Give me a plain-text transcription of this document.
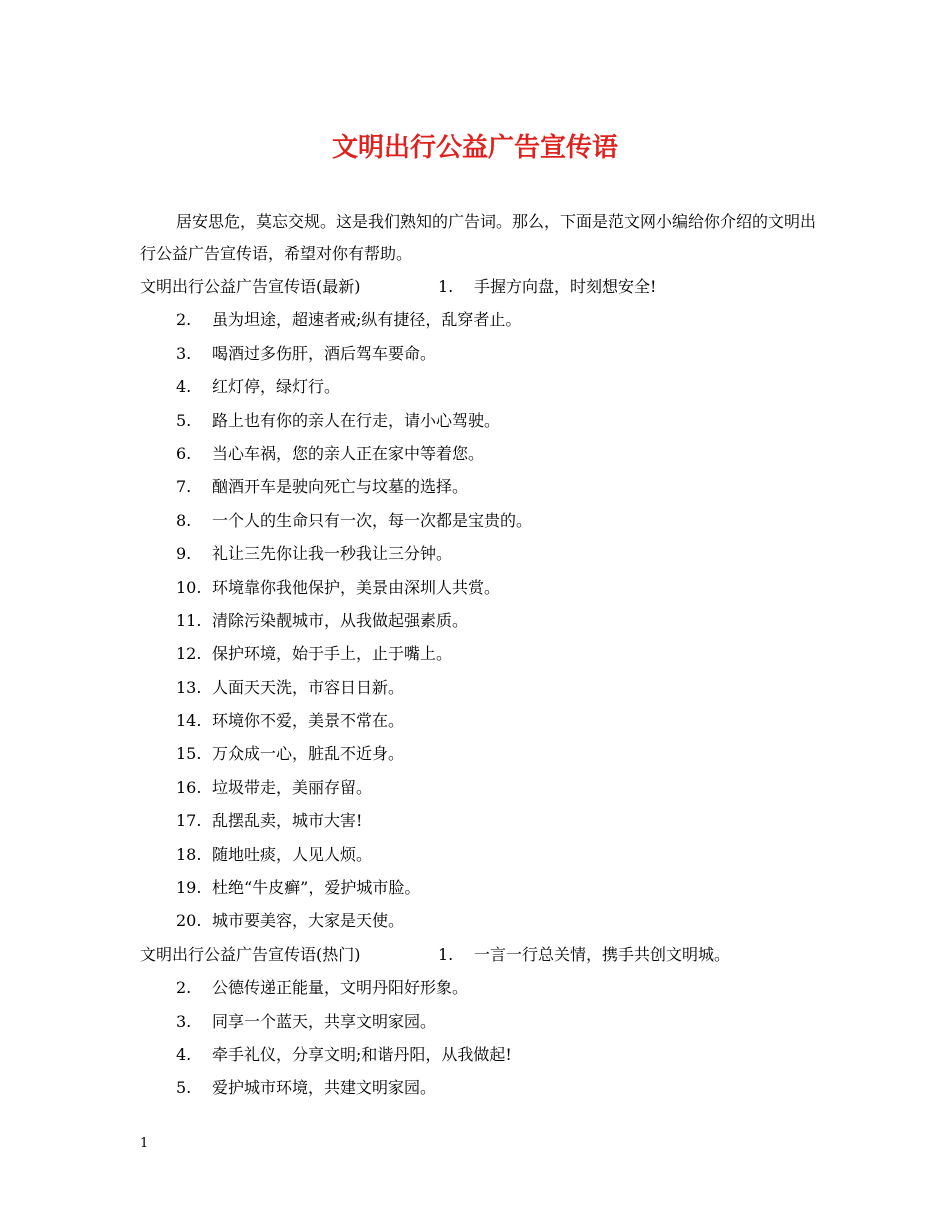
文明出行公益广告宣传语

居安思危，莫忘交规。这是我们熟知的广告词。那么，下面是范文网小编给你介绍的文明出行公益广告宣传语，希望对你有帮助。

文明出行公益广告宣传语(最新)	1. 手握方向盘，时刻想安全!
2. 虽为坦途，超速者戒;纵有捷径，乱穿者止。
3. 喝酒过多伤肝，酒后驾车要命。
4. 红灯停，绿灯行。
5. 路上也有你的亲人在行走，请小心驾驶。
6. 当心车祸，您的亲人正在家中等着您。
7. 酗酒开车是驶向死亡与坟墓的选择。
8. 一个人的生命只有一次，每一次都是宝贵的。
9. 礼让三先你让我一秒我让三分钟。
10. 环境靠你我他保护，美景由深圳人共赏。
11. 清除污染靓城市，从我做起强素质。
12. 保护环境，始于手上，止于嘴上。
13. 人面天天洗，市容日日新。
14. 环境你不爱，美景不常在。
15. 万众成一心，脏乱不近身。
16. 垃圾带走，美丽存留。
17. 乱摆乱卖，城市大害!
18. 随地吐痰，人见人烦。
19. 杜绝“牛皮癣”，爱护城市脸。
20. 城市要美容，大家是天使。
文明出行公益广告宣传语(热门)	1. 一言一行总关情，携手共创文明城。
2. 公德传递正能量，文明丹阳好形象。
3. 同享一个蓝天，共享文明家园。
4. 牵手礼仪，分享文明;和谐丹阳，从我做起!
5. 爱护城市环境，共建文明家园。
1
